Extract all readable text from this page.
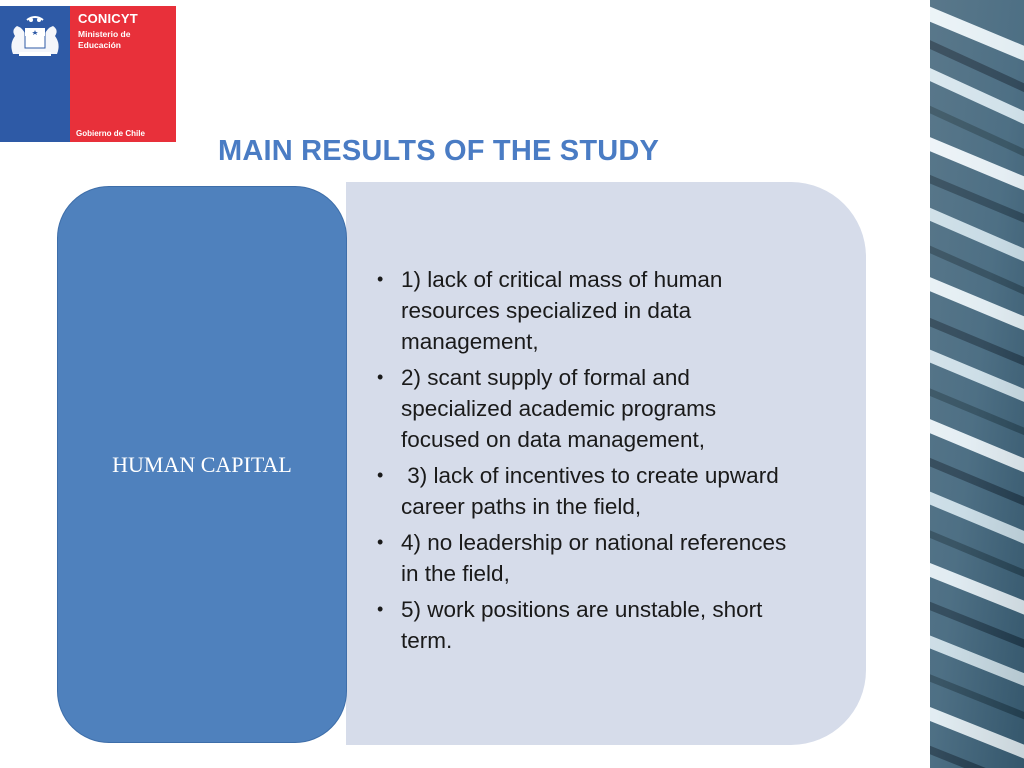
CONICYT
Ministerio de Educación
Gobierno de Chile
MAIN RESULTS OF THE STUDY
HUMAN CAPITAL
• 1) lack of critical mass of human resources specialized in data management,
• 2) scant supply of formal and specialized academic programs focused on data management,
• 3) lack of incentives to create upward career paths in the field,
• 4) no leadership or national references in the field,
• 5) work positions are unstable, short term.
